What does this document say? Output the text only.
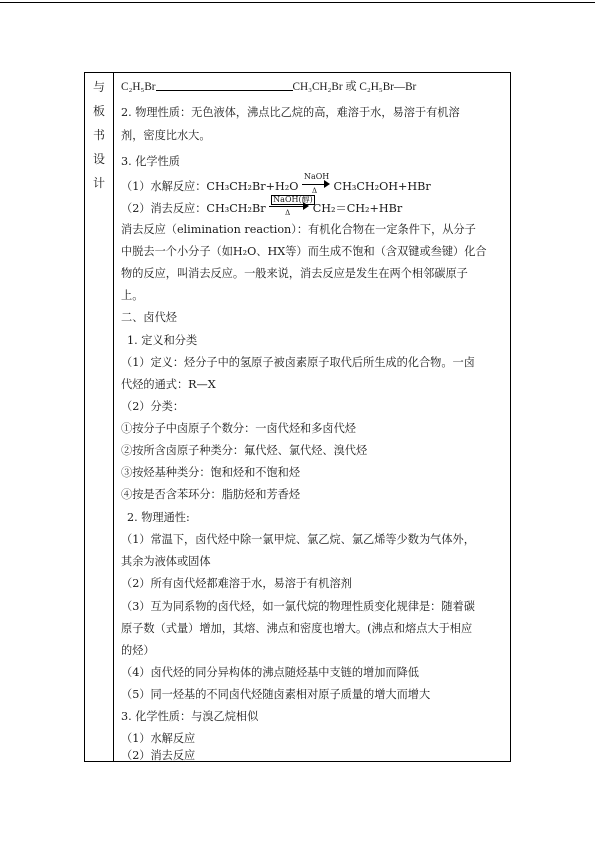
与
板
书
设
计
C₂H₅Br	CH₃CH₂Br 或 C₂H₅Br—Br
2. 物理性质：无色液体，沸点比乙烷的高，难溶于水，易溶于有机溶
剂，密度比水大。
3. 化学性质
（1）水解反应：CH₃CH₂Br+H₂O
NaOH
Δ CH₃CH₂OH+HBr
（2）消去反应：CH₃CH₂Br
NaOH(醇)
Δ CH₂＝CH₂+HBr
消去反应（elimination reaction）：有机化合物在一定条件下，从分子
中脱去一个小分子（如H₂O、HX等）而生成不饱和（含双键或叁键）化合
物的反应，叫消去反应。一般来说，消去反应是发生在两个相邻碳原子
上。
二、卤代烃
1. 定义和分类
（1）定义：烃分子中的氢原子被卤素原子取代后所生成的化合物。一卤
代烃的通式：R—X
（2）分类：
①按分子中卤原子个数分：一卤代烃和多卤代烃
②按所含卤原子种类分：氟代烃、氯代烃、溴代烃
③按烃基种类分：饱和烃和不饱和烃
④按是否含苯环分：脂肪烃和芳香烃
2. 物理通性:
（1）常温下，卤代烃中除一氯甲烷、氯乙烷、氯乙烯等少数为气体外，
其余为液体或固体
（2）所有卤代烃都难溶于水，易溶于有机溶剂
（3）互为同系物的卤代烃，如一氯代烷的物理性质变化规律是：随着碳
原子数（式量）增加，其熔、沸点和密度也增大。(沸点和熔点大于相应
的烃）
（4）卤代烃的同分异构体的沸点随烃基中支链的增加而降低
（5）同一烃基的不同卤代烃随卤素相对原子质量的增大而增大
3. 化学性质：与溴乙烷相似
（1）水解反应
（2）消去反应
